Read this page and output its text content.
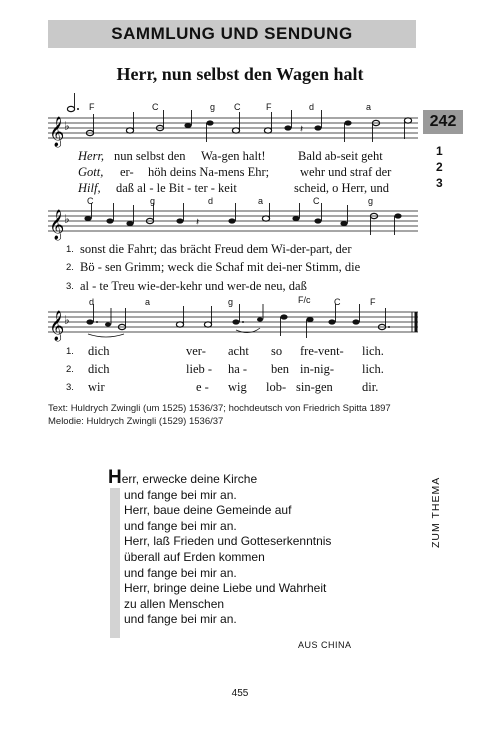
SAMMLUNG UND SENDUNG
Herr, nun selbst den Wagen halt
242
1
2
3
F	C	g C	F	d	a
𝄞 ♭	𝄽
Herr, nun selbst den Wa-gen halt!	Bald ab-seit geht
Gott, er- höh deins Na-mens Ehr; wehr und straf der
Hilf, daß al - le Bit - ter - keit	scheid, o Herr, und
C	g	d	a	C	g
𝄞 ♭	𝄽
1. sonst die Fahrt; das brächt Freud dem Wi-der-part, der
2. Bö - sen Grimm; weck die Schaf mit dei-ner Stimm, die
3. al - te Treu wie-der-kehr und wer-de neu, daß
d	a	g	F/c	C	F
𝄞 ♭
1. dich	ver- acht so fre-vent- lich.
2. dich	lieb - ha - ben in-nig- lich.
3. wir	e - wig lob- sin-gen dir.
Text: Huldrych Zwingli (um 1525) 1536/37; hochdeutsch von Friedrich Spitta 1897
Melodie: Huldrych Zwingli (1529) 1536/37
Herr, erwecke deine Kirche
und fange bei mir an.
Herr, baue deine Gemeinde auf
und fange bei mir an.
Herr, laß Frieden und Gotteserkenntnis
überall auf Erden kommen
und fange bei mir an.
Herr, bringe deine Liebe und Wahrheit
zu allen Menschen
und fange bei mir an.
AUS CHINA
ZUM THEMA
455
